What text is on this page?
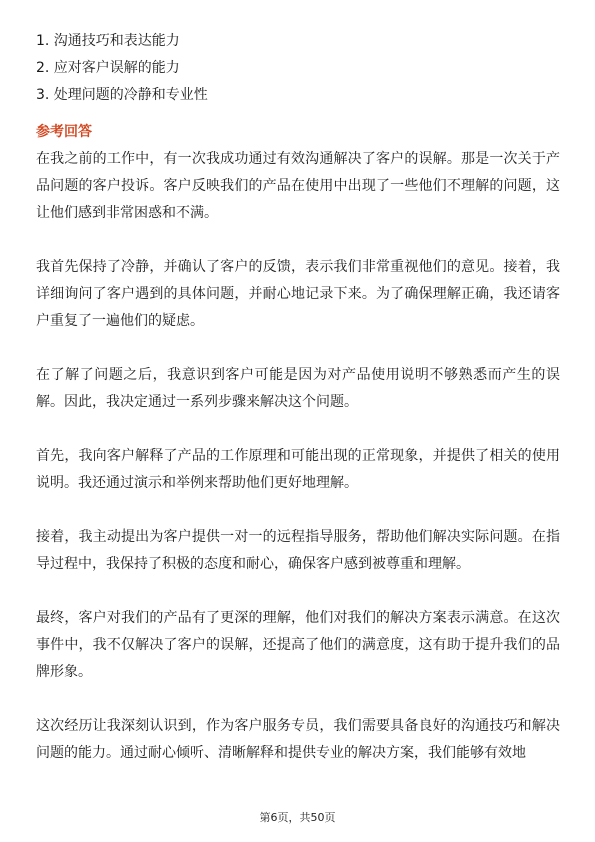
1. 沟通技巧和表达能力
2. 应对客户误解的能力
3. 处理问题的冷静和专业性
参考回答

在我之前的工作中，有一次我成功通过有效沟通解决了客户的误解。那是一次关于产品问题的客户投诉。客户反映我们的产品在使用中出现了一些他们不理解的问题，这让他们感到非常困惑和不满。

我首先保持了冷静，并确认了客户的反馈，表示我们非常重视他们的意见。接着，我详细询问了客户遇到的具体问题，并耐心地记录下来。为了确保理解正确，我还请客户重复了一遍他们的疑虑。

在了解了问题之后，我意识到客户可能是因为对产品使用说明不够熟悉而产生的误解。因此，我决定通过一系列步骤来解决这个问题。

首先，我向客户解释了产品的工作原理和可能出现的正常现象，并提供了相关的使用说明。我还通过演示和举例来帮助他们更好地理解。

接着，我主动提出为客户提供一对一的远程指导服务，帮助他们解决实际问题。在指导过程中，我保持了积极的态度和耐心，确保客户感到被尊重和理解。

最终，客户对我们的产品有了更深的理解，他们对我们的解决方案表示满意。在这次事件中，我不仅解决了客户的误解，还提高了他们的满意度，这有助于提升我们的品牌形象。

这次经历让我深刻认识到，作为客户服务专员，我们需要具备良好的沟通技巧和解决问题的能力。通过耐心倾听、清晰解释和提供专业的解决方案，我们能够有效地

第6页，共50页
